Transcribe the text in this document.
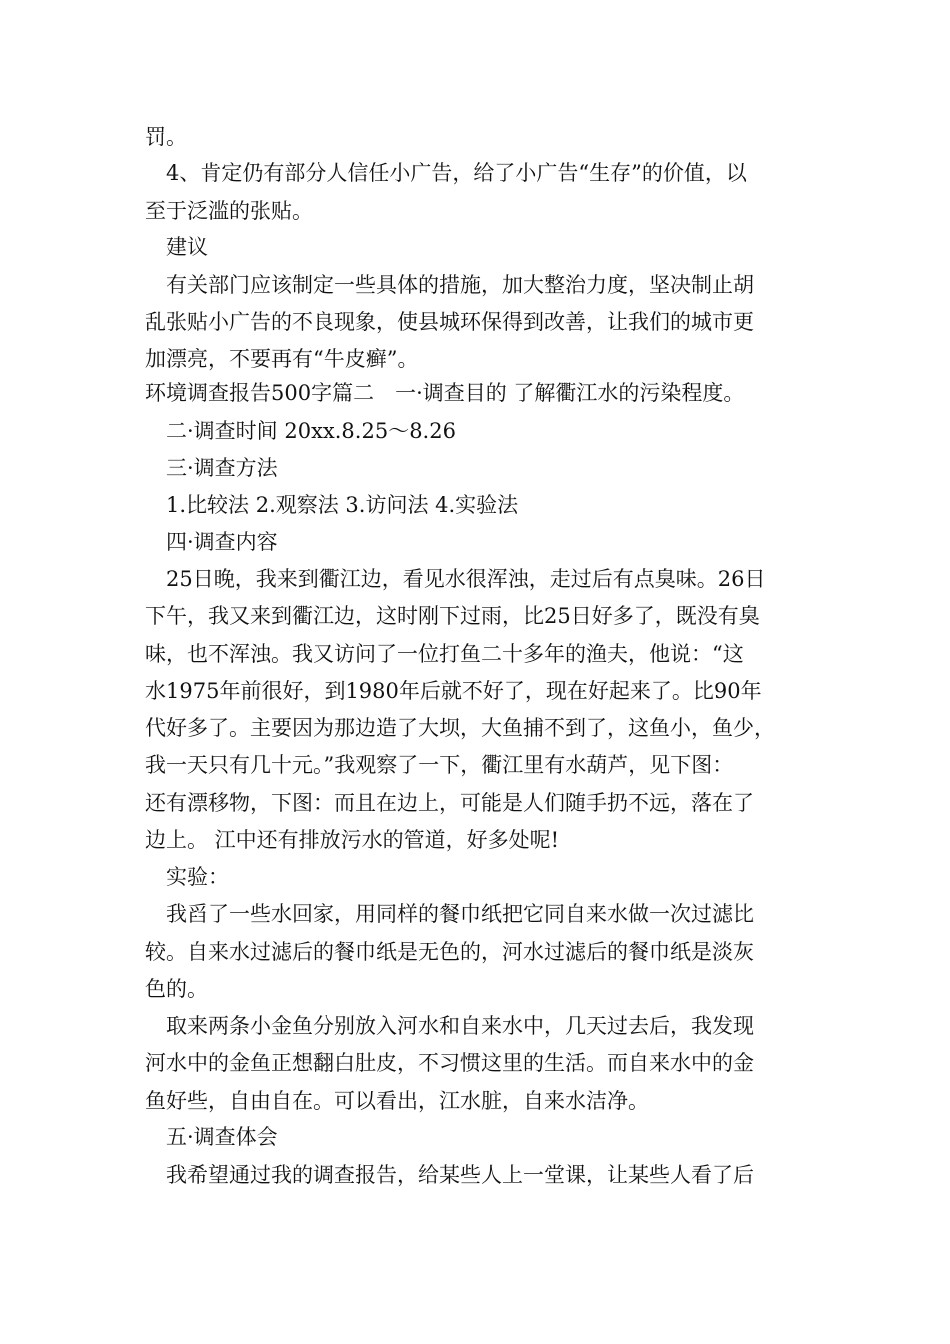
罚。
4、肯定仍有部分人信任小广告，给了小广告“生存”的价值，以
至于泛滥的张贴。
建议
有关部门应该制定一些具体的措施，加大整治力度，坚决制止胡
乱张贴小广告的不良现象，使县城环保得到改善，让我们的城市更
加漂亮，不要再有“牛皮癣”。
环境调查报告500字篇二　一·调查目的 了解衢江水的污染程度。
二·调查时间 20xx.8.25～8.26
三·调查方法
1.比较法 2.观察法 3.访问法 4.实验法
四·调查内容
25日晚，我来到衢江边，看见水很浑浊，走过后有点臭味。26日
下午，我又来到衢江边，这时刚下过雨，比25日好多了，既没有臭
味，也不浑浊。我又访问了一位打鱼二十多年的渔夫，他说：“这
水1975年前很好，到1980年后就不好了，现在好起来了。比90年
代好多了。主要因为那边造了大坝，大鱼捕不到了，这鱼小，鱼少，
我一天只有几十元。”我观察了一下，衢江里有水葫芦，见下图：
还有漂移物，下图：而且在边上，可能是人们随手扔不远，落在了
边上。 江中还有排放污水的管道，好多处呢!
实验：
我舀了一些水回家，用同样的餐巾纸把它同自来水做一次过滤比
较。自来水过滤后的餐巾纸是无色的，河水过滤后的餐巾纸是淡灰
色的。
取来两条小金鱼分别放入河水和自来水中，几天过去后，我发现
河水中的金鱼正想翻白肚皮，不习惯这里的生活。而自来水中的金
鱼好些，自由自在。可以看出，江水脏，自来水洁净。
五·调查体会
我希望通过我的调查报告，给某些人上一堂课，让某些人看了后
